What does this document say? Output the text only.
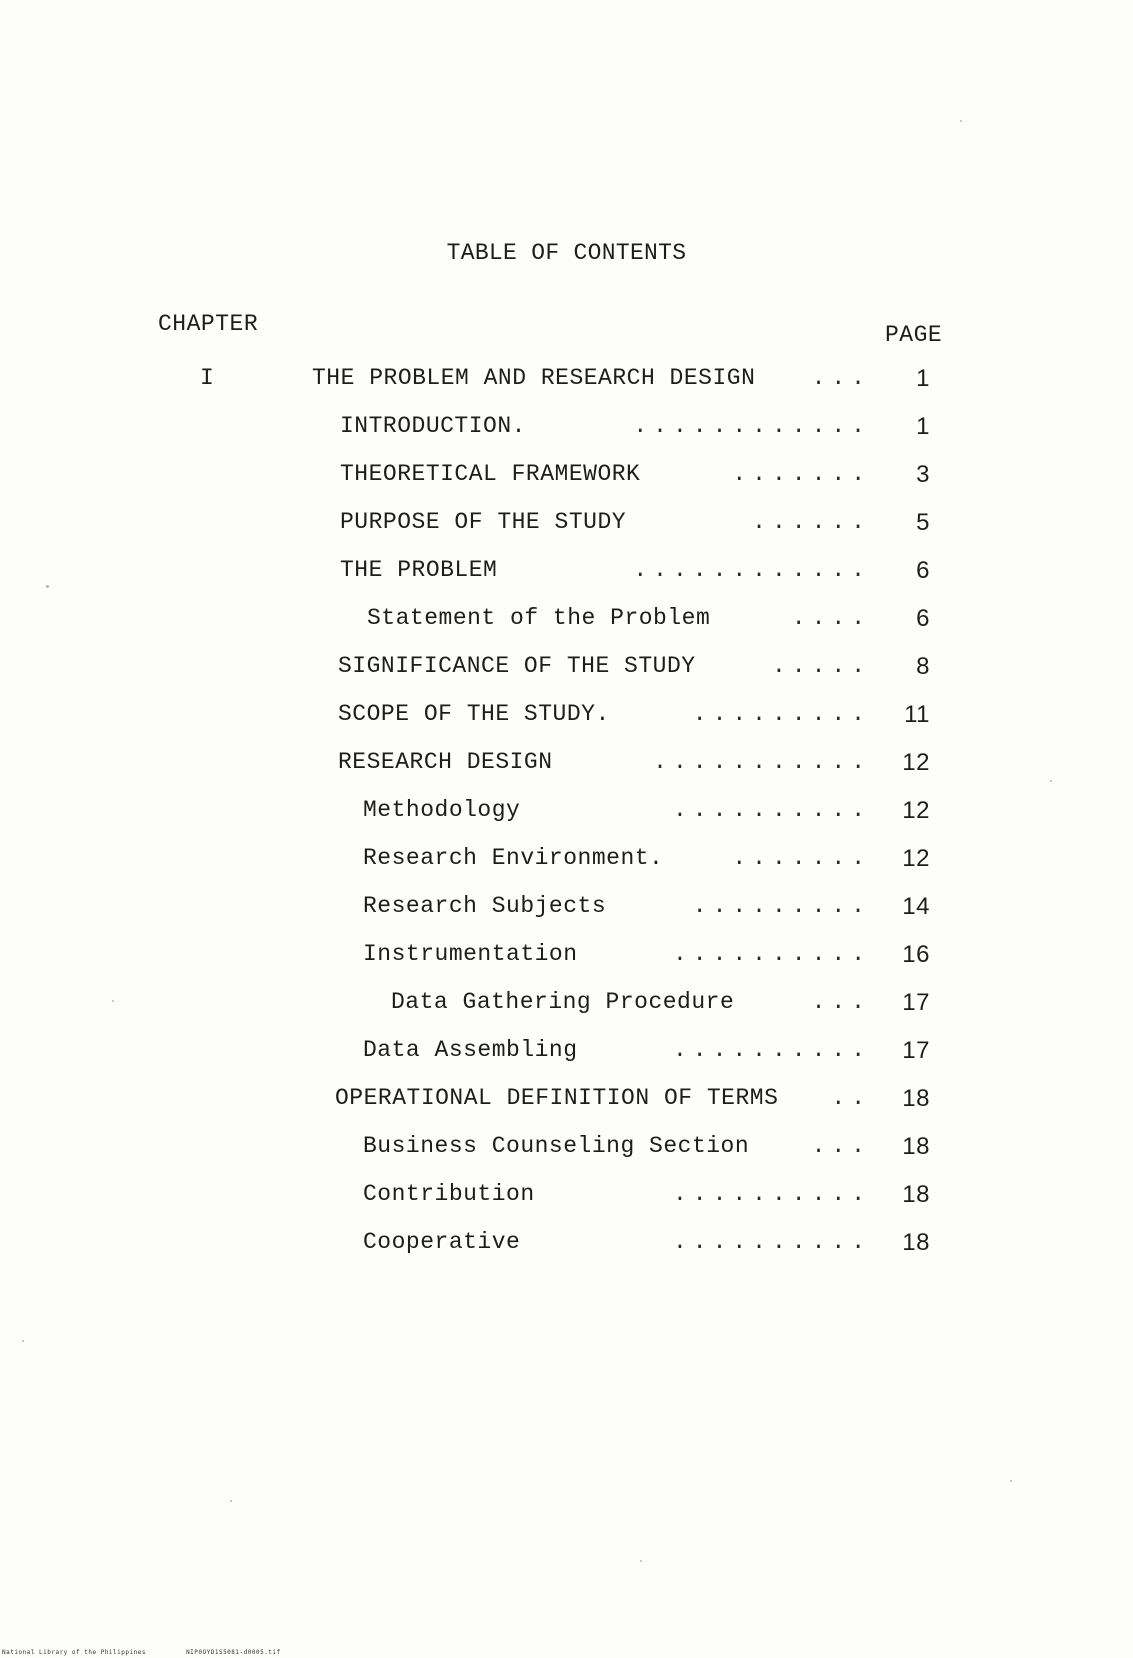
TABLE OF CONTENTS
CHAPTER	PAGE
I	THE PROBLEM AND RESEARCH DESIGN ...	1
INTRODUCTION.	............	1
THEORETICAL FRAMEWORK	.......	3
PURPOSE OF THE STUDY	......	5
THE PROBLEM	............	6
Statement of the Problem	....	6
SIGNIFICANCE OF THE STUDY	.....	8
SCOPE OF THE STUDY.	.........	11
RESEARCH DESIGN	...........	12
Methodology	..........	12
Research Environment.	.......	12
Research Subjects	.........	14
Instrumentation	..........	16
Data Gathering Procedure	...	17
Data Assembling	..........	17
OPERATIONAL DEFINITION OF TERMS ..	18
Business Counseling Section	...	18
Contribution	..........	18
Cooperative	..........	18
National Library of the Philippines	NIP0OYD1S5081-d0005.tif
